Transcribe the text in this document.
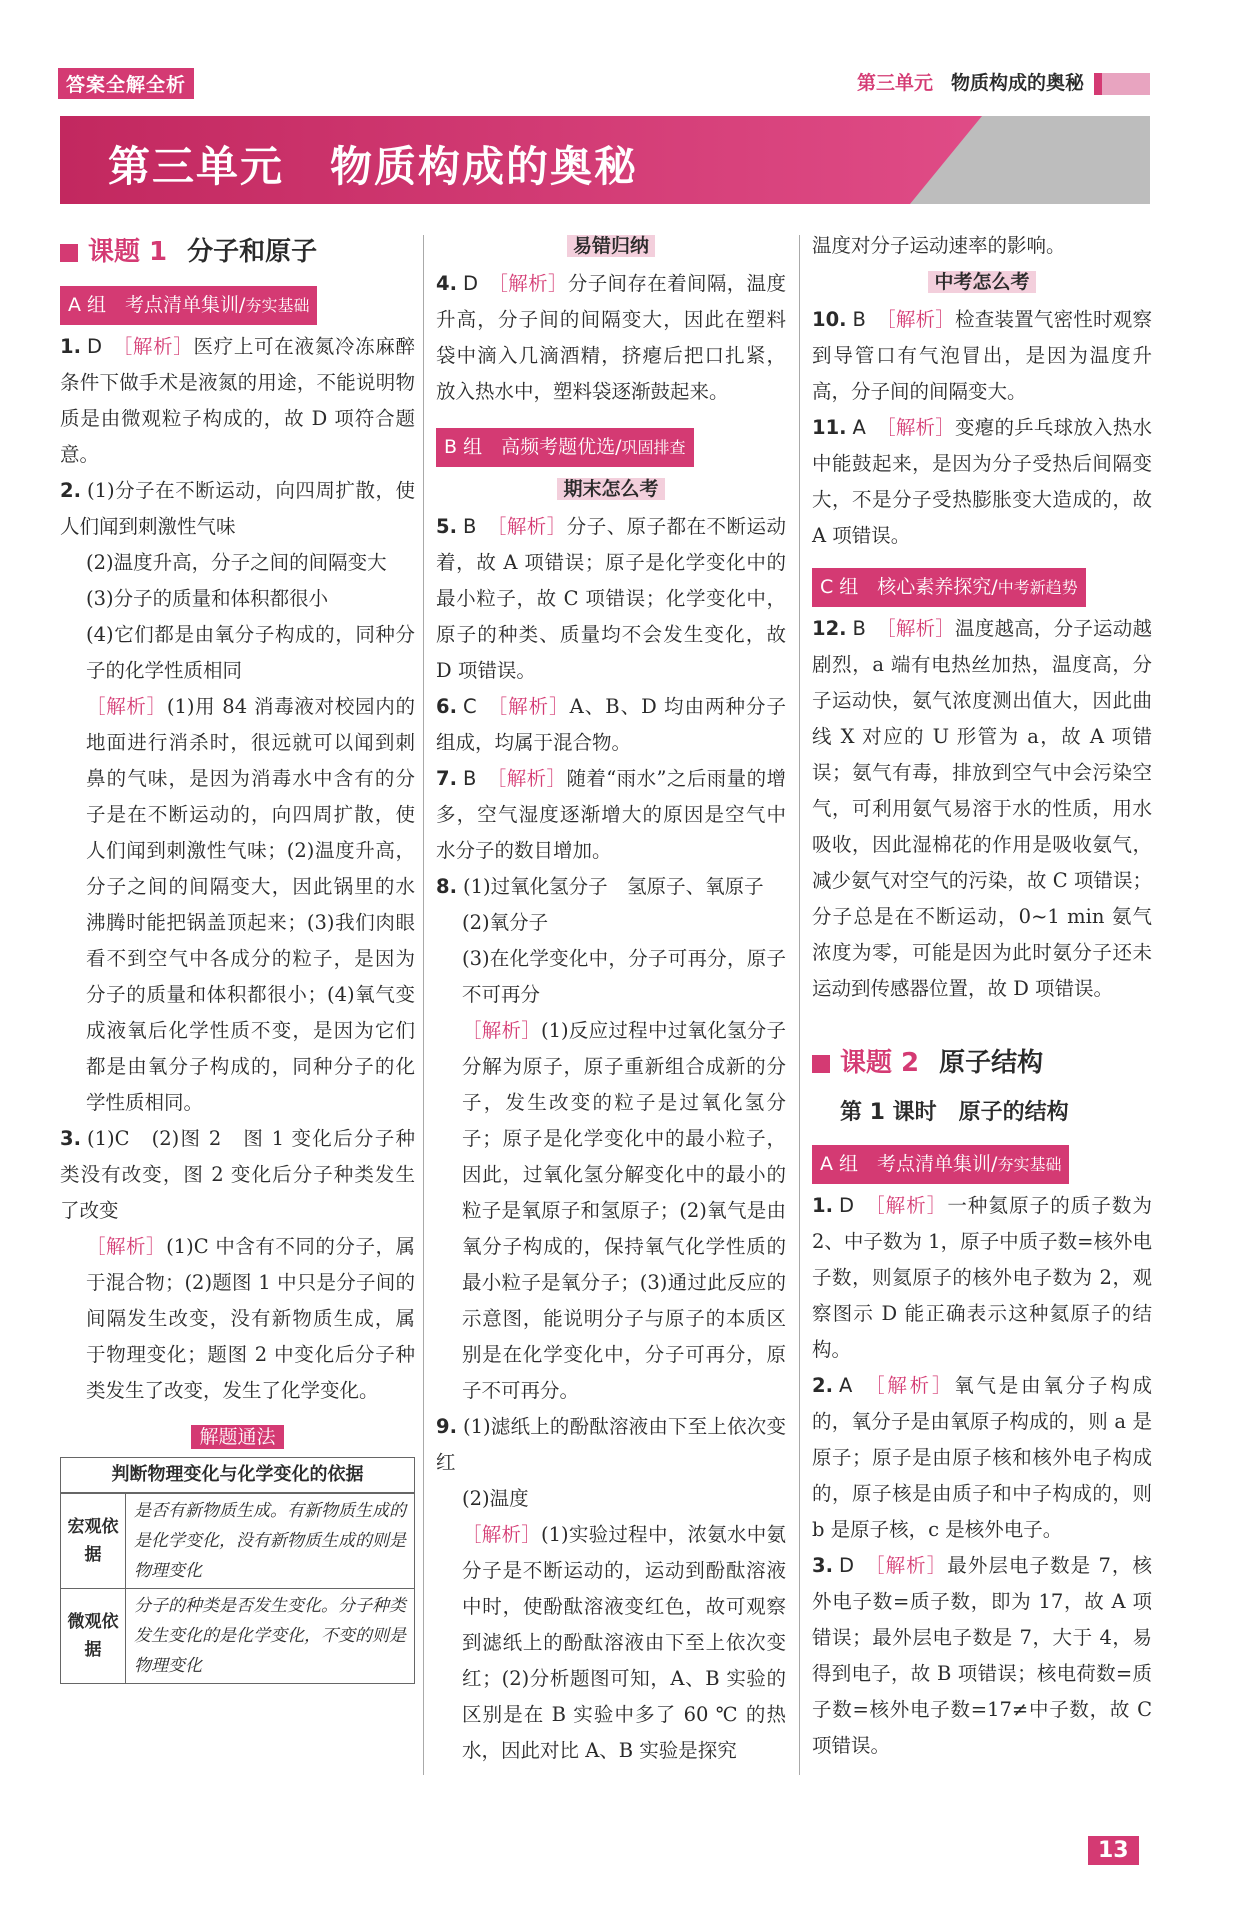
答案全解全析	第三单元 物质构成的奥秘
第三单元 物质构成的奥秘
课题 1 分子和原子
A 组　考点清单集训/夯实基础

1. D ［解析］医疗上可在液氮冷冻麻醉条件下做手术是液氮的用途，不能说明物质是由微观粒子构成的，故 D 项符合题意。

2. (1)分子在不断运动，向四周扩散，使人们闻到刺激性气味

(2)温度升高，分子之间的间隔变大

(3)分子的质量和体积都很小

(4)它们都是由氧分子构成的，同种分子的化学性质相同

［解析］(1)用 84 消毒液对校园内的地面进行消杀时，很远就可以闻到刺鼻的气味，是因为消毒水中含有的分子是在不断运动的，向四周扩散，使人们闻到刺激性气味；(2)温度升高，分子之间的间隔变大，因此锅里的水沸腾时能把锅盖顶起来；(3)我们肉眼看不到空气中各成分的粒子，是因为分子的质量和体积都很小；(4)氧气变成液氧后化学性质不变，是因为它们都是由氧分子构成的，同种分子的化学性质相同。

3. (1)C　(2)图 2　图 1 变化后分子种类没有改变，图 2 变化后分子种类发生了改变

［解析］(1)C 中含有不同的分子，属于混合物；(2)题图 1 中只是分子间的间隔发生改变，没有新物质生成，属于物理变化；题图 2 中变化后分子种类发生了改变，发生了化学变化。

解题通法
判断物理变化与化学变化的依据
宏观依据	是否有新物质生成。有新物质生成的是化学变化，没有新物质生成的则是物理变化
微观依据	分子的种类是否发生变化。分子种类发生变化的是化学变化，不变的则是物理变化
易错归纳

4. D ［解析］分子间存在着间隔，温度升高，分子间的间隔变大，因此在塑料袋中滴入几滴酒精，挤瘪后把口扎紧，放入热水中，塑料袋逐渐鼓起来。

B 组　高频考题优选/巩固排查
期末怎么考

5. B ［解析］分子、原子都在不断运动着，故 A 项错误；原子是化学变化中的最小粒子，故 C 项错误；化学变化中，原子的种类、质量均不会发生变化，故 D 项错误。

6. C ［解析］A、B、D 均由两种分子组成，均属于混合物。

7. B ［解析］随着“雨水”之后雨量的增多，空气湿度逐渐增大的原因是空气中水分子的数目增加。

8. (1)过氧化氢分子　氢原子、氧原子

(2)氧分子

(3)在化学变化中，分子可再分，原子不可再分

［解析］(1)反应过程中过氧化氢分子分解为原子，原子重新组合成新的分子，发生改变的粒子是过氧化氢分子；原子是化学变化中的最小粒子，因此，过氧化氢分解变化中的最小的粒子是氧原子和氢原子；(2)氧气是由氧分子构成的，保持氧气化学性质的最小粒子是氧分子；(3)通过此反应的示意图，能说明分子与原子的本质区别是在化学变化中，分子可再分，原子不可再分。

9. (1)滤纸上的酚酞溶液由下至上依次变红

(2)温度

［解析］(1)实验过程中，浓氨水中氨分子是不断运动的，运动到酚酞溶液中时，使酚酞溶液变红色，故可观察到滤纸上的酚酞溶液由下至上依次变红；(2)分析题图可知，A、B 实验的区别是在 B 实验中多了 60 ℃ 的热水，因此对比 A、B 实验是探究

温度对分子运动速率的影响。

中考怎么考

10. B ［解析］检查装置气密性时观察到导管口有气泡冒出，是因为温度升高，分子间的间隔变大。

11. A ［解析］变瘪的乒乓球放入热水中能鼓起来，是因为分子受热后间隔变大，不是分子受热膨胀变大造成的，故 A 项错误。

C 组　核心素养探究/中考新趋势

12. B ［解析］温度越高，分子运动越剧烈，a 端有电热丝加热，温度高，分子运动快，氨气浓度测出值大，因此曲线 X 对应的 U 形管为 a，故 A 项错误；氨气有毒，排放到空气中会污染空气，可利用氨气易溶于水的性质，用水吸收，因此湿棉花的作用是吸收氨气，减少氨气对空气的污染，故 C 项错误；分子总是在不断运动，0~1 min 氨气浓度为零，可能是因为此时氨分子还未运动到传感器位置，故 D 项错误。

课题 2 原子结构
第 1 课时 原子的结构
A 组　考点清单集训/夯实基础

1. D ［解析］一种氦原子的质子数为 2、中子数为 1，原子中质子数=核外电子数，则氦原子的核外电子数为 2，观察图示 D 能正确表示这种氦原子的结构。

2. A ［解析］氧气是由氧分子构成的，氧分子是由氧原子构成的，则 a 是原子；原子是由原子核和核外电子构成的，原子核是由质子和中子构成的，则 b 是原子核，c 是核外电子。

3. D ［解析］最外层电子数是 7，核外电子数=质子数，即为 17，故 A 项错误；最外层电子数是 7，大于 4，易得到电子，故 B 项错误；核电荷数=质子数=核外电子数=17≠中子数，故 C 项错误。

13
